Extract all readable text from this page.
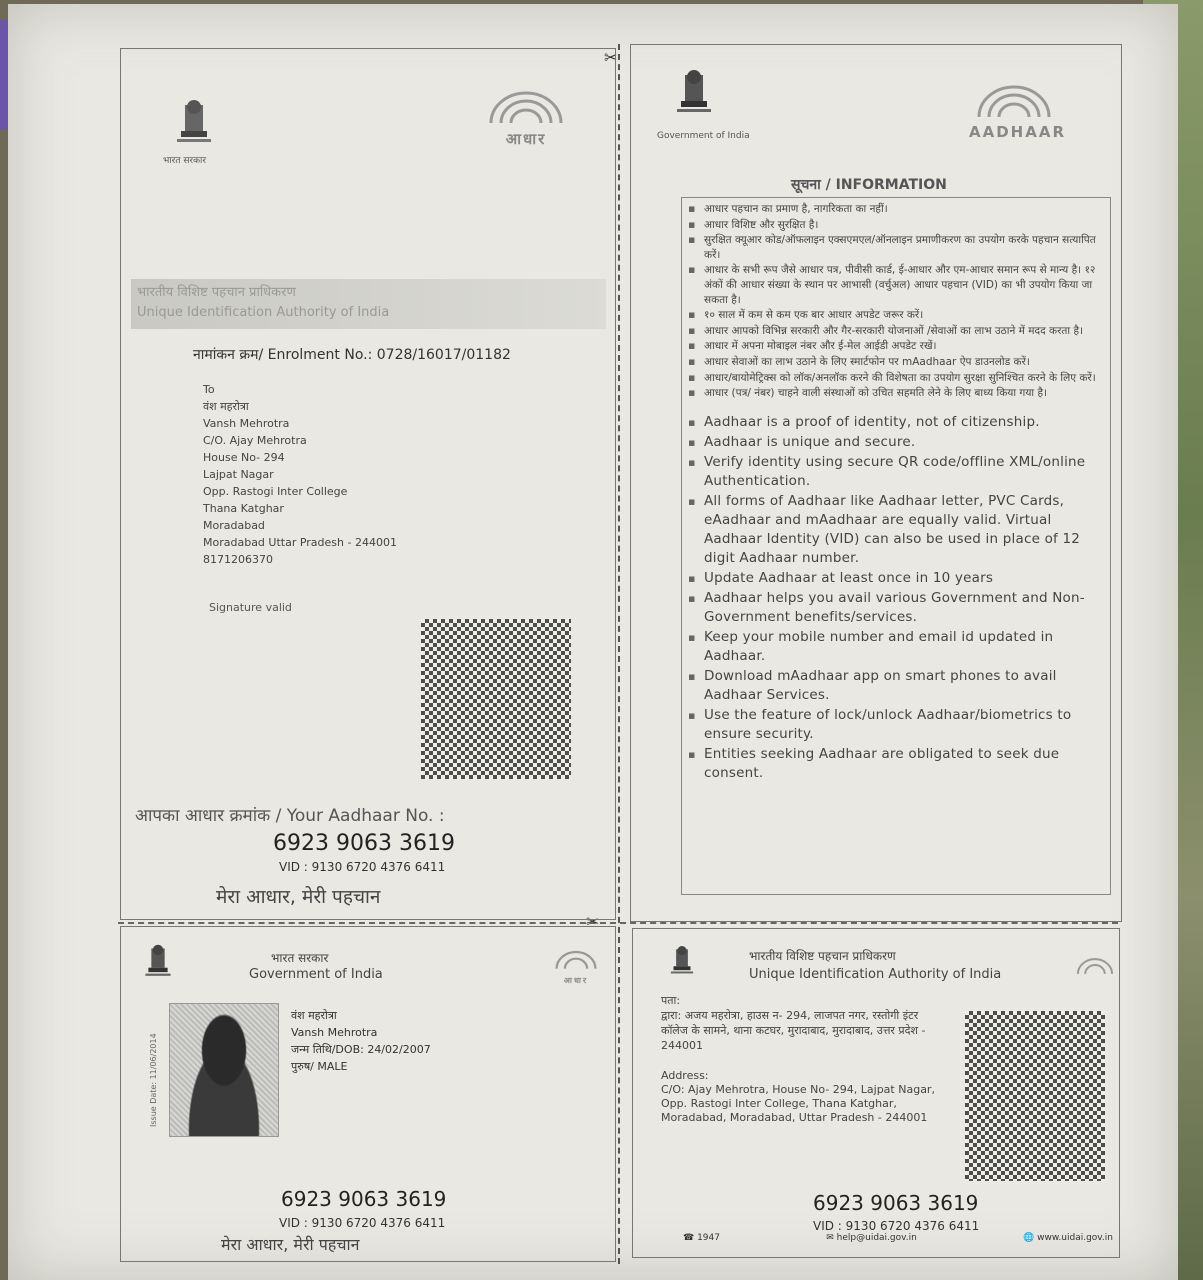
✂
✂
भारत सरकार
आधार
भारतीय विशिष्ट पहचान प्राधिकरण
Unique Identification Authority of India
नामांकन क्रम/ Enrolment No.: 0728/16017/01182
To
वंश महरोत्रा
Vansh Mehrotra
C/O. Ajay Mehrotra
House No- 294
Lajpat Nagar
Opp. Rastogi Inter College
Thana Katghar
Moradabad
Moradabad Uttar Pradesh - 244001
8171206370
Signature valid
आपका आधार क्रमांक / Your Aadhaar No. :
6923 9063 3619
VID : 9130 6720 4376 6411
मेरा आधार, मेरी पहचान
Government of India	AADHAAR
सूचना / INFORMATION
▪ आधार पहचान का प्रमाण है, नागरिकता का नहीं।
▪ आधार विशिष्ट और सुरक्षित है।
▪ सुरक्षित क्यूआर कोड/ऑफलाइन एक्सएमएल/ऑनलाइन प्रमाणीकरण का उपयोग करके पहचान सत्यापित करें।
▪ आधार के सभी रूप जैसे आधार पत्र, पीवीसी कार्ड, ई-आधार और एम-आधार समान रूप से मान्य है। १२ अंकों की आधार संख्या के स्थान पर आभासी (वर्चुअल) आधार पहचान (VID) का भी उपयोग किया जा सकता है।
▪ १० साल में कम से कम एक बार आधार अपडेट जरूर करें।
▪ आधार आपको विभिन्न सरकारी और गैर-सरकारी योजनाओं /सेवाओं का लाभ उठाने में मदद करता है।
▪ आधार में अपना मोबाइल नंबर और ई-मेल आईडी अपडेट रखें।
▪ आधार सेवाओं का लाभ उठाने के लिए स्मार्टफोन पर mAadhaar ऐप डाउनलोड करें।
▪ आधार/बायोमेट्रिक्स को लॉक/अनलॉक करने की विशेषता का उपयोग सुरक्षा सुनिश्चित करने के लिए करें।
▪ आधार (पत्र/ नंबर) चाहने वाली संस्थाओं को उचित सहमति लेने के लिए बाध्य किया गया है।
▪ Aadhaar is a proof of identity, not of citizenship.
▪ Aadhaar is unique and secure.
▪ Verify identity using secure QR code/offline XML/online Authentication.
▪ All forms of Aadhaar like Aadhaar letter, PVC Cards, eAadhaar and mAadhaar are equally valid. Virtual Aadhaar Identity (VID) can also be used in place of 12 digit Aadhaar number.
▪ Update Aadhaar at least once in 10 years
▪ Aadhaar helps you avail various Government and Non- Government benefits/services.
▪ Keep your mobile number and email id updated in Aadhaar.
▪ Download mAadhaar app on smart phones to avail Aadhaar Services.
▪ Use the feature of lock/unlock Aadhaar/biometrics to ensure security.
▪ Entities seeking Aadhaar are obligated to seek due consent.
भारत सरकार
Government of India	आधार
Issue Date: 11/06/2014
वंश महरोत्रा
Vansh Mehrotra
जन्म तिथि/DOB: 24/02/2007
पुरुष/ MALE
6923 9063 3619
VID : 9130 6720 4376 6411
मेरा आधार, मेरी पहचान
भारतीय विशिष्ट पहचान प्राधिकरण
Unique Identification Authority of India
पता:
द्वारा: अजय महरोत्रा, हाउस न- 294, लाजपत नगर, रस्तोगी इंटर कॉलेज के सामने, थाना कटघर, मुरादाबाद, मुरादाबाद, उत्तर प्रदेश - 244001
Address:
C/O: Ajay Mehrotra, House No- 294, Lajpat Nagar, Opp. Rastogi Inter College, Thana Katghar, Moradabad, Moradabad, Uttar Pradesh - 244001
6923 9063 3619
VID : 9130 6720 4376 6411
☎ 1947	✉ help@uidai.gov.in	🌐 www.uidai.gov.in
